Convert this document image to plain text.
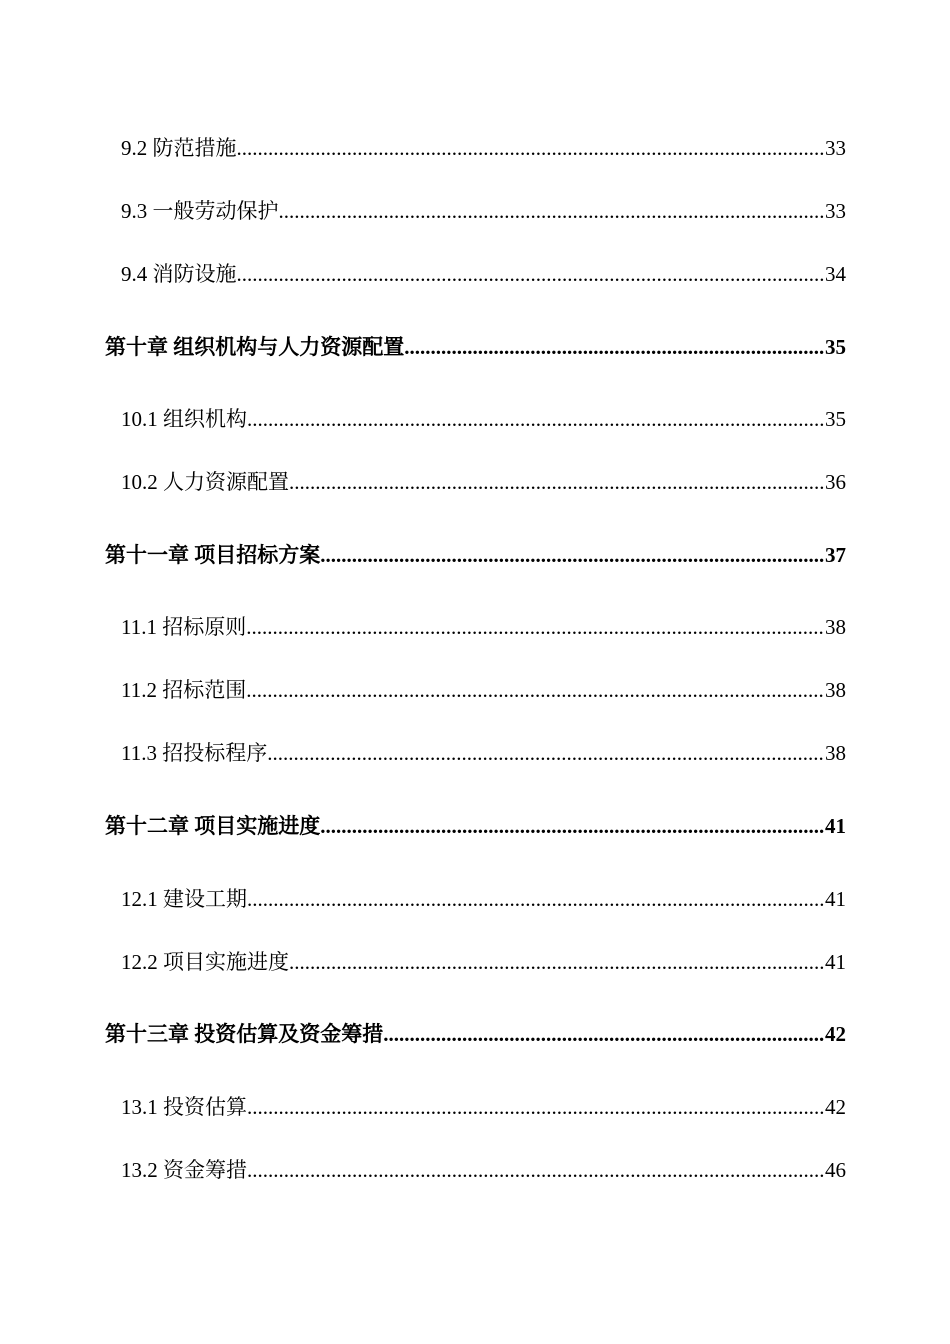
9.2 防范措施 .....	33
9.3 一般劳动保护 .....	33
9.4 消防设施 .....	34
第十章 组织机构与人力资源配置 .....	35
10.1 组织机构 .....	35
10.2 人力资源配置 .....	36
第十一章 项目招标方案 .....	37
11.1 招标原则 .....	38
11.2 招标范围 .....	38
11.3 招投标程序 .....	38
第十二章 项目实施进度 .....	41
12.1 建设工期 .....	41
12.2 项目实施进度 .....	41
第十三章 投资估算及资金筹措 .....	42
13.1 投资估算 .....	42
13.2 资金筹措 .....	46
